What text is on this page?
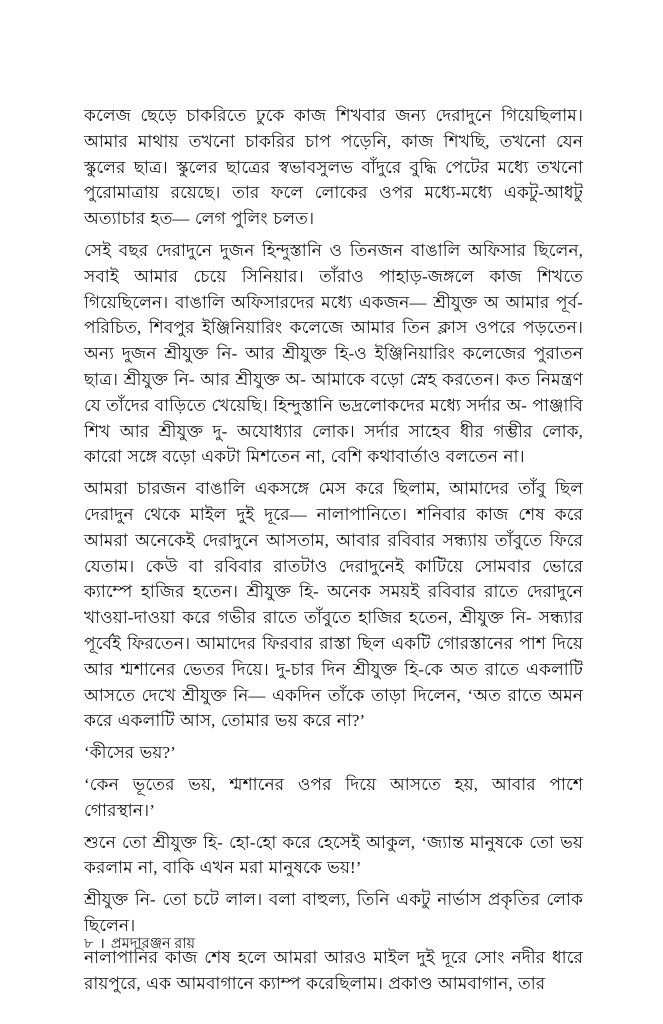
কলেজ ছেড়ে চাকরিতে ঢুকে কাজ শিখবার জন্য দেরাদুনে গিয়েছিলাম। আমার মাথায় তখনো চাকরির চাপ পড়েনি, কাজ শিখছি, তখনো যেন স্কুলের ছাত্র। স্কুলের ছাত্রের স্বভাবসুলভ বাঁদুরে বুদ্ধি পেটের মধ্যে তখনো পুরোমাত্রায় রয়েছে। তার ফলে লোকের ওপর মধ্যে-মধ্যে একটু-আধটু অত্যাচার হত— লেগ পুলিং চলত।

সেই বছর দেরাদুনে দুজন হিন্দুস্তানি ও তিনজন বাঙালি অফিসার ছিলেন, সবাই আমার চেয়ে সিনিয়ার। তাঁরাও পাহাড়-জঙ্গলে কাজ শিখতে গিয়েছিলেন। বাঙালি অফিসারদের মধ্যে একজন— শ্রীযুক্ত অ আমার পূর্ব-পরিচিত, শিবপুর ইঞ্জিনিয়ারিং কলেজে আমার তিন ক্লাস ওপরে পড়তেন। অন্য দুজন শ্রীযুক্ত নি- আর শ্রীযুক্ত হি-ও ইঞ্জিনিয়ারিং কলেজের পুরাতন ছাত্র। শ্রীযুক্ত নি- আর শ্রীযুক্ত অ- আমাকে বড়ো স্নেহ করতেন। কত নিমন্ত্রণ যে তাঁদের বাড়িতে খেয়েছি। হিন্দুস্তানি ভদ্রলোকদের মধ্যে সর্দার অ- পাঞ্জাবি শিখ আর শ্রীযুক্ত দু- অযোধ্যার লোক। সর্দার সাহেব ধীর গম্ভীর লোক, কারো সঙ্গে বড়ো একটা মিশতেন না, বেশি কথাবার্তাও বলতেন না।

আমরা চারজন বাঙালি একসঙ্গে মেস করে ছিলাম, আমাদের তাঁবু ছিল দেরাদুন থেকে মাইল দুই দূরে— নালাপানিতে। শনিবার কাজ শেষ করে আমরা অনেকেই দেরাদুনে আসতাম, আবার রবিবার সন্ধ্যায় তাঁবুতে ফিরে যেতাম। কেউ বা রবিবার রাতটাও দেরাদুনেই কাটিয়ে সোমবার ভোরে ক্যাম্পে হাজির হতেন। শ্রীযুক্ত হি- অনেক সময়ই রবিবার রাতে দেরাদুনে খাওয়া-দাওয়া করে গভীর রাতে তাঁবুতে হাজির হতেন, শ্রীযুক্ত নি- সন্ধ্যার পূর্বেই ফিরতেন। আমাদের ফিরবার রাস্তা ছিল একটি গোরস্তানের পাশ দিয়ে আর শ্মশানের ভেতর দিয়ে। দু-চার দিন শ্রীযুক্ত হি-কে অত রাতে একলাটি আসতে দেখে শ্রীযুক্ত নি— একদিন তাঁকে তাড়া দিলেন, ‘অত রাতে অমন করে একলাটি আস, তোমার ভয় করে না?’

‘কীসের ভয়?’

‘কেন ভূতের ভয়, শ্মশানের ওপর দিয়ে আসতে হয়, আবার পাশে গোরস্থান।’

শুনে তো শ্রীযুক্ত হি- হো-হো করে হেসেই আকুল, ‘জ্যান্ত মানুষকে তো ভয় করলাম না, বাকি এখন মরা মানুষকে ভয়!’

শ্রীযুক্ত নি- তো চটে লাল। বলা বাহুল্য, তিনি একটু নার্ভাস প্রকৃতির লোক ছিলেন।

নালাপানির কাজ শেষ হলে আমরা আরও মাইল দুই দূরে সোং নদীর ধারে রায়পুরে, এক আমবাগানে ক্যাম্প করেছিলাম। প্রকাণ্ড আমবাগান, তার

৮ । প্রমদারঞ্জন রায়
